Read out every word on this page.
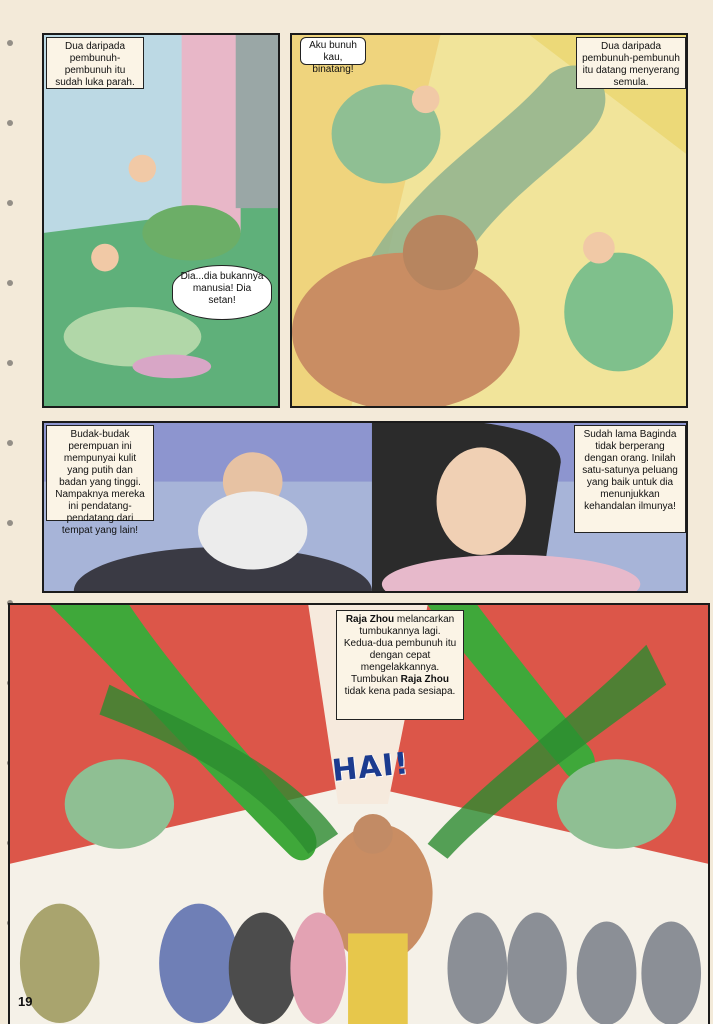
Dua daripada pembunuh-pembunuh itu sudah luka parah.
Dia...dia bukannya manusia! Dia setan!
Aku bunuh kau, binatang!
Dua daripada pembunuh-pembunuh itu datang menyerang semula.
Budak-budak perempuan ini mempunyai kulit yang putih dan badan yang tinggi. Nampaknya mereka ini pendatang-pendatang dari tempat yang lain!
Sudah lama Baginda tidak berperang dengan orang. Inilah satu-satunya peluang yang baik untuk dia menunjukkan kehandalan ilmunya!
Raja Zhou melancarkan tumbukannya lagi. Kedua-dua pembunuh itu dengan cepat mengelakkannya. Tumbukan Raja Zhou tidak kena pada sesiapa.
HAI!
19
